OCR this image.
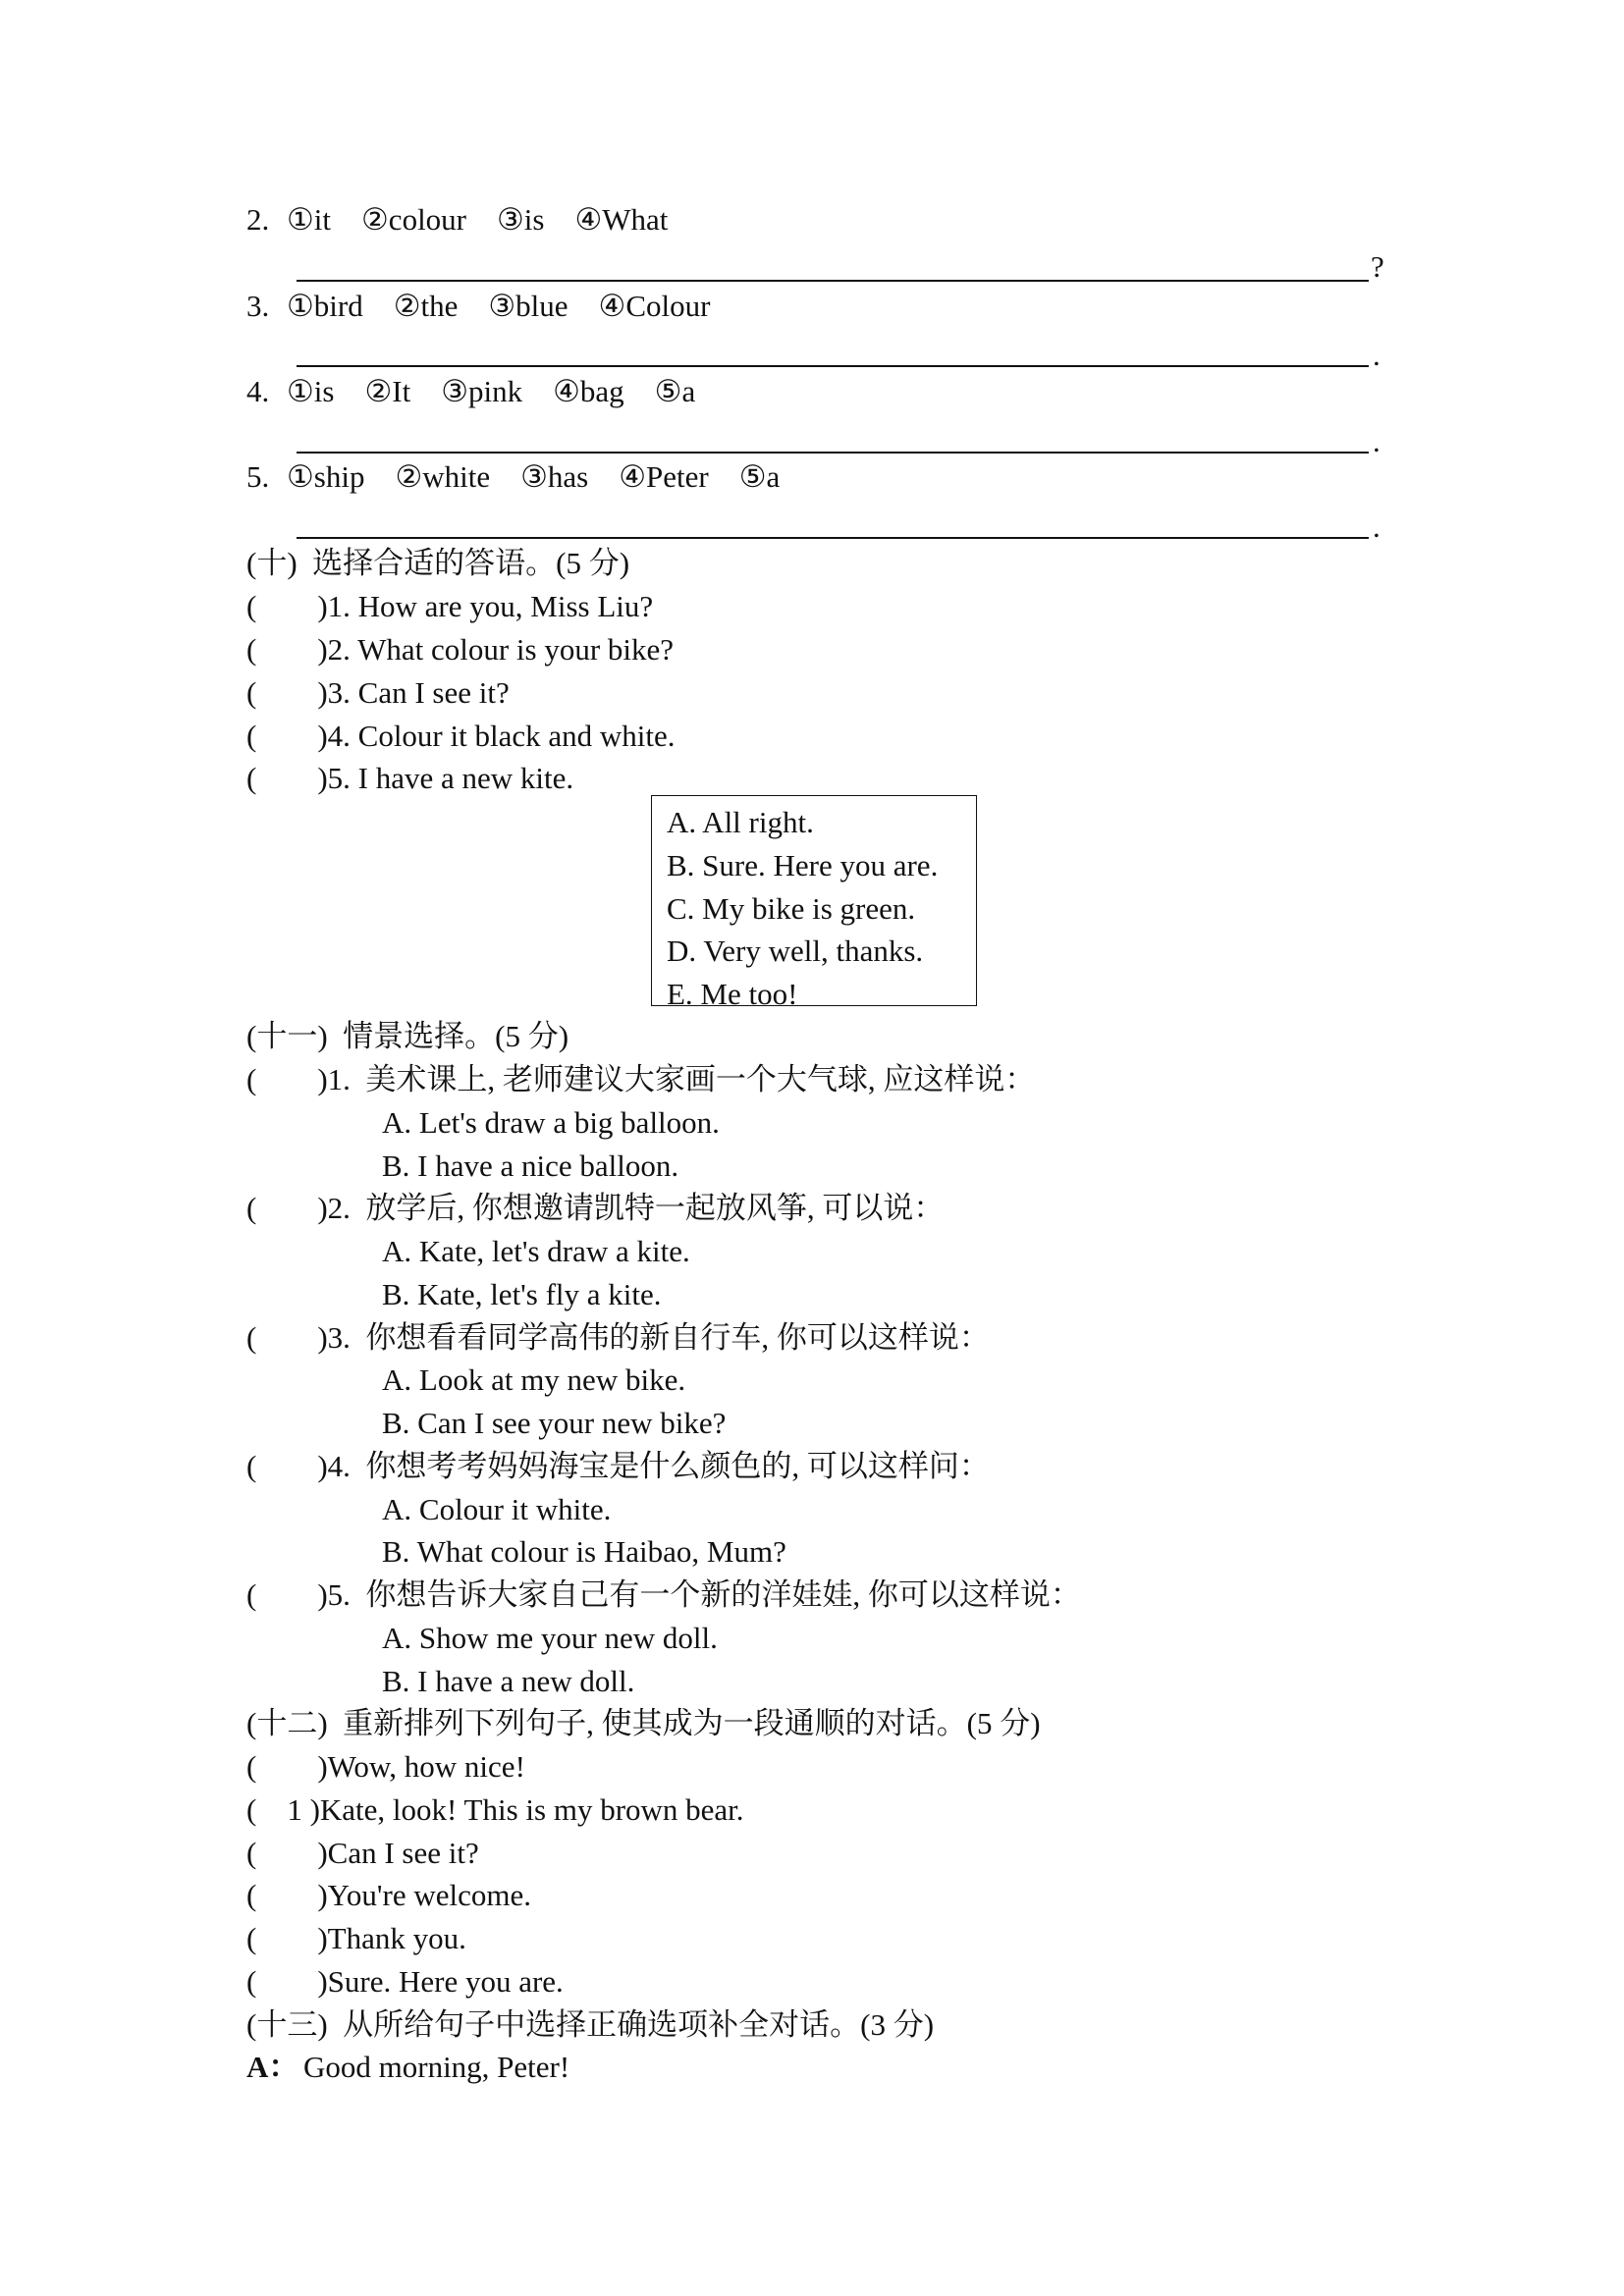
2. ①it　②colour　③is　④What
?
3. ①bird　②the　③blue　④Colour
.
4. ①is　②It　③pink　④bag　⑤a
.
5. ①ship　②white　③has　④Peter　⑤a
.
(十)  选择合适的答语。(5 分)
(        )1. How are you, Miss Liu?
(        )2. What colour is your bike?
(        )3. Can I see it?
(        )4. Colour it black and white.
(        )5. I have a new kite.
A. All right.
B. Sure. Here you are.
C. My bike is green.
D. Very well, thanks.
E. Me too!
(十一)  情景选择。(5 分)
(        )1.  美术课上, 老师建议大家画一个大气球, 应这样说：
A. Let's draw a big balloon.
B. I have a nice balloon.
(        )2.  放学后, 你想邀请凯特一起放风筝, 可以说：
A. Kate, let's draw a kite.
B. Kate, let's fly a kite.
(        )3.  你想看看同学高伟的新自行车, 你可以这样说：
A. Look at my new bike.
B. Can I see your new bike?
(        )4.  你想考考妈妈海宝是什么颜色的, 可以这样问：
A. Colour it white.
B. What colour is Haibao, Mum?
(        )5.  你想告诉大家自己有一个新的洋娃娃, 你可以这样说：
A. Show me your new doll.
B. I have a new doll.
(十二)  重新排列下列句子, 使其成为一段通顺的对话。(5 分)
(        )Wow, how nice!
(    1 )Kate, look! This is my brown bear.
(        )Can I see it?
(        )You're welcome.
(        )Thank you.
(        )Sure. Here you are.
(十三)  从所给句子中选择正确选项补全对话。(3 分)
A： Good morning, Peter!
